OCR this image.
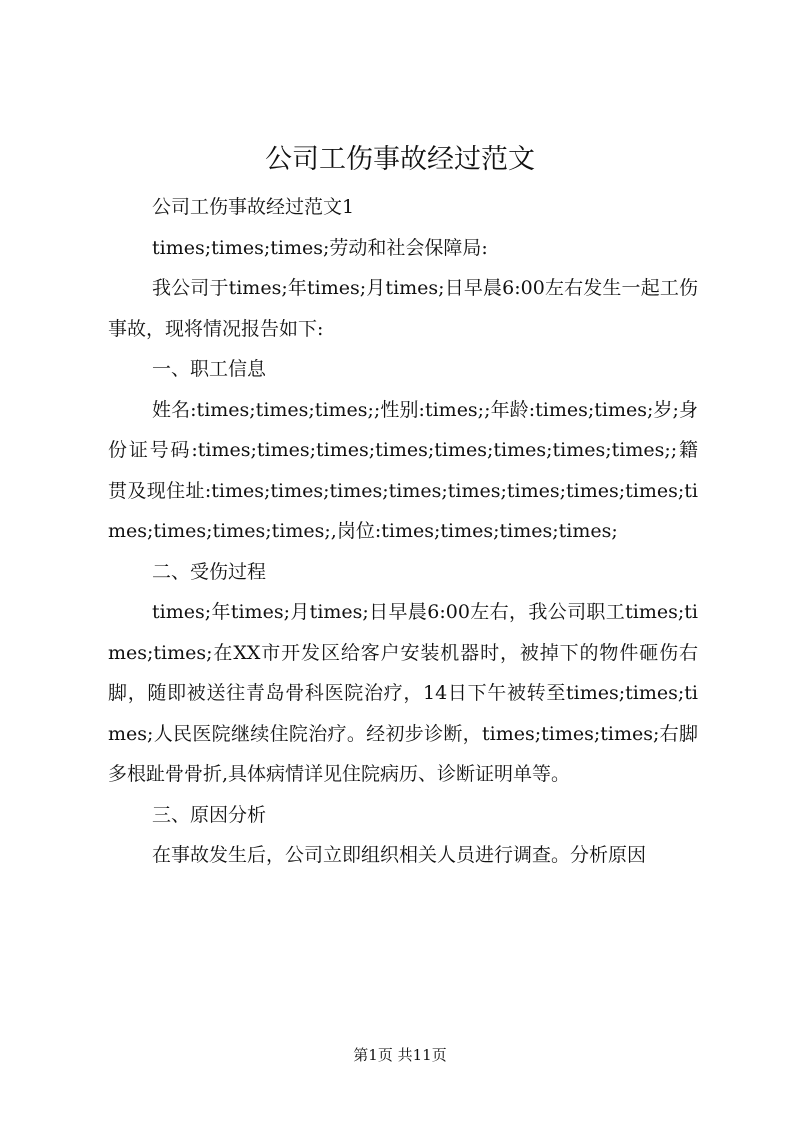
公司工伤事故经过范文

公司工伤事故经过范文1

times;times;times;劳动和社会保障局:

我公司于times;年times;月times;日早晨6:00左右发生一起工伤事故，现将情况报告如下:

一、职工信息

姓名:times;times;times;;性别:times;;年龄:times;times;岁;身份证号码:times;times;times;times;times;times;times;times;;籍贯及现住址:times;times;times;times;times;times;times;times;times;times;times;times;,岗位:times;times;times;times;

二、受伤过程

times;年times;月times;日早晨6:00左右，我公司职工times;times;times;在XX市开发区给客户安装机器时，被掉下的物件砸伤右脚，随即被送往青岛骨科医院治疗，14日下午被转至times;times;times;人民医院继续住院治疗。经初步诊断，times;times;times;右脚多根趾骨骨折,具体病情详见住院病历、诊断证明单等。

三、原因分析

在事故发生后，公司立即组织相关人员进行调查。分析原因

第1页 共11页
